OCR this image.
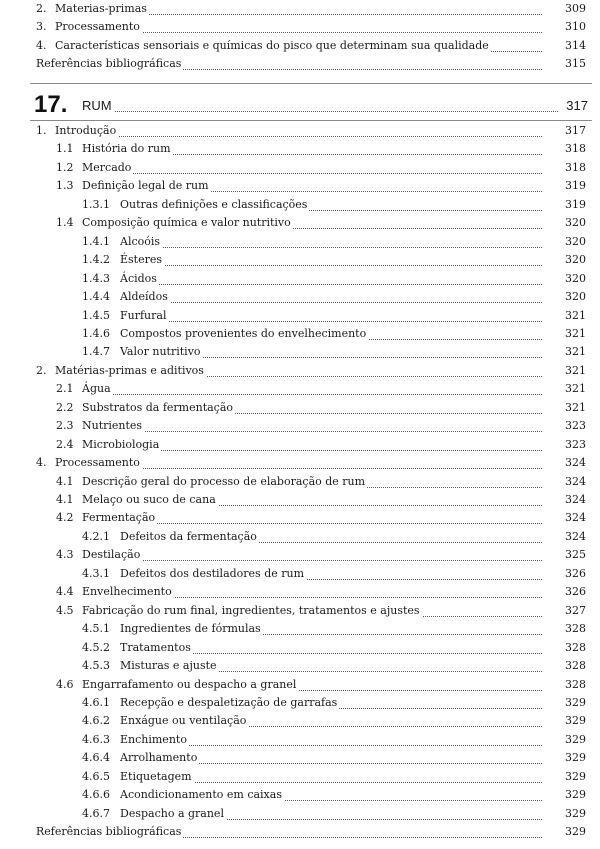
2. Materias-primas	309
3. Processamento	310
4. Características sensoriais e químicas do pisco que determinam sua qualidade	314
Referências bibliográficas	315
17. RUM	317
1. Introdução	317
1.1 História do rum	318
1.2 Mercado	318
1.3 Definição legal de rum	319
1.3.1 Outras definições e classificações	319
1.4 Composição química e valor nutritivo	320
1.4.1 Alcoóis	320
1.4.2 Ésteres	320
1.4.3 Ácidos	320
1.4.4 Aldeídos	320
1.4.5 Furfural	321
1.4.6 Compostos provenientes do envelhecimento	321
1.4.7 Valor nutritivo	321
2. Matérias-primas e aditivos	321
2.1 Água	321
2.2 Substratos da fermentação	321
2.3 Nutrientes	323
2.4 Microbiologia	323
4. Processamento	324
4.1 Descrição geral do processo de elaboração de rum	324
4.1 Melaço ou suco de cana	324
4.2 Fermentação	324
4.2.1 Defeitos da fermentação	324
4.3 Destilação	325
4.3.1 Defeitos dos destiladores de rum	326
4.4 Envelhecimento	326
4.5 Fabricação do rum final, ingredientes, tratamentos e ajustes	327
4.5.1 Ingredientes de fórmulas	328
4.5.2 Tratamentos	328
4.5.3 Misturas e ajuste	328
4.6 Engarrafamento ou despacho a granel	328
4.6.1 Recepção e despaletização de garrafas	329
4.6.2 Enxágue ou ventilação	329
4.6.3 Enchimento	329
4.6.4 Arrolhamento	329
4.6.5 Etiquetagem	329
4.6.6 Acondicionamento em caixas	329
4.6.7 Despacho a granel	329
Referências bibliográficas	329
